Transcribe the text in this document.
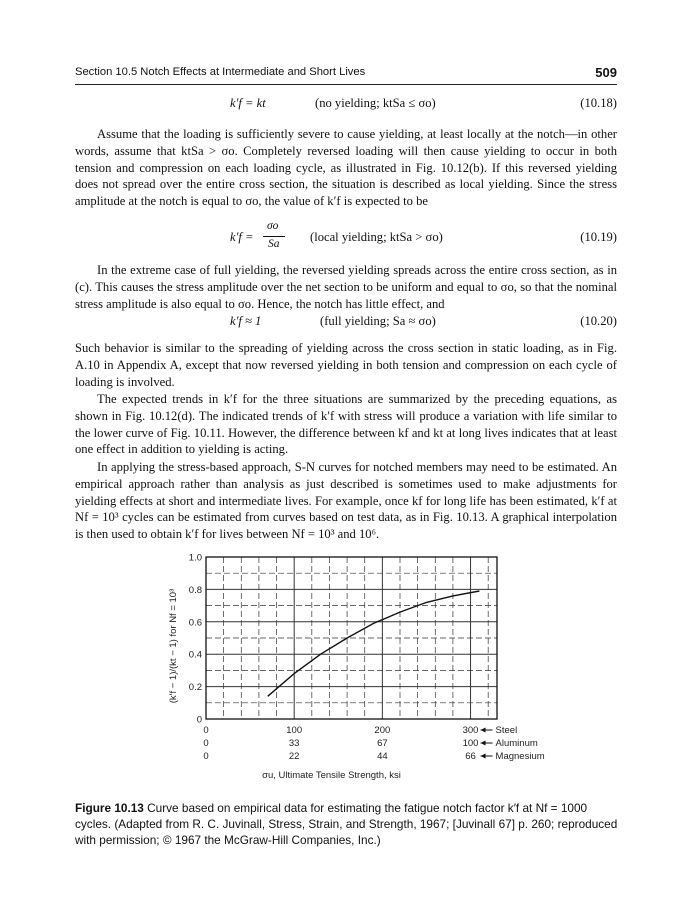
Section 10.5 Notch Effects at Intermediate and Short Lives	509
k′f = kt	(no yielding; ktSa ≤ σo)	(10.18)
Assume that the loading is sufficiently severe to cause yielding, at least locally at the notch—in other words, assume that ktSa > σo. Completely reversed loading will then cause yielding to occur in both tension and compression on each loading cycle, as illustrated in Fig. 10.12(b). If this reversed yielding does not spread over the entire cross section, the situation is described as local yielding. Since the stress amplitude at the notch is equal to σo, the value of k′f is expected to be
k′f =
σo
Sa (local yielding; ktSa > σo)	(10.19)
In the extreme case of full yielding, the reversed yielding spreads across the entire cross section, as in (c). This causes the stress amplitude over the net section to be uniform and equal to σo, so that the nominal stress amplitude is also equal to σo. Hence, the notch has little effect, and
k′f ≈ 1	(full yielding; Sa ≈ σo)	(10.20)
Such behavior is similar to the spreading of yielding across the cross section in static loading, as in Fig. A.10 in Appendix A, except that now reversed yielding in both tension and compression on each cycle of loading is involved.
The expected trends in k′f for the three situations are summarized by the preceding equations, as shown in Fig. 10.12(d). The indicated trends of k′f with stress will produce a variation with life similar to the lower curve of Fig. 10.11. However, the difference between kf and kt at long lives indicates that at least one effect in addition to yielding is acting.
In applying the stress-based approach, S-N curves for notched members may need to be estimated. An empirical approach rather than analysis as just described is sometimes used to make adjustments for yielding effects at short and intermediate lives. For example, once kf for long life has been estimated, k′f at Nf = 10³ cycles can be estimated from curves based on test data, as in Fig. 10.13. A graphical interpolation is then used to obtain k′f for lives between Nf = 10³ and 10⁶.
0
0.2
0.4
0.6
0.8
1.0
0	100	200	300 Steel
0	33	67	100 Aluminum
0	22	44	66 Magnesium
(k′f − 1)/(kt − 1) for Nf = 10³
σu, Ultimate Tensile Strength, ksi
Figure 10.13 Curve based on empirical data for estimating the fatigue notch factor k′f at Nf = 1000 cycles. (Adapted from R. C. Juvinall, Stress, Strain, and Strength, 1967; [Juvinall 67] p. 260; reproduced with permission; © 1967 the McGraw-Hill Companies, Inc.)
